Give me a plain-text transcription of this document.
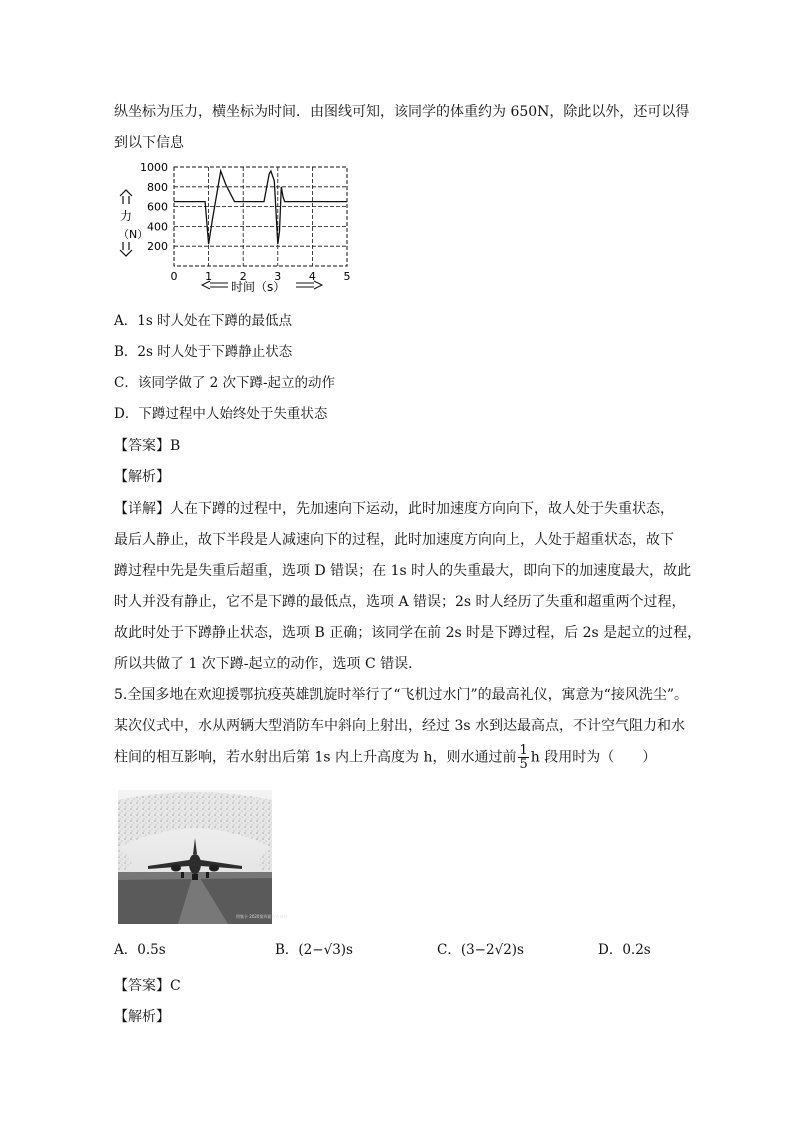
纵坐标为压力，横坐标为时间．由图线可知，该同学的体重约为 650N，除此以外，还可以得
到以下信息
1000
800
600
400
200
0	1	2	3	4	5
力
（N）
时间（s）
A．1s 时人处在下蹲的最低点
B．2s 时人处于下蹲静止状态
C．该同学做了 2 次下蹲-起立的动作
D．下蹲过程中人始终处于失重状态
【答案】B
【解析】
【详解】人在下蹲的过程中，先加速向下运动，此时加速度方向向下，故人处于失重状态，
最后人静止，故下半段是人减速向下的过程，此时加速度方向向上，人处于超重状态，故下
蹲过程中先是失重后超重，选项 D 错误；在 1s 时人的失重最大，即向下的加速度最大，故此
时人并没有静止，它不是下蹲的最低点，选项 A 错误；2s 时人经历了失重和超重两个过程，
故此时处于下蹲静止状态，选项 B 正确；该同学在前 2s 时是下蹲过程，后 2s 是起立的过程，
所以共做了 1 次下蹲-起立的动作，选项 C 错误．
5.全国多地在欢迎援鄂抗疫英雄凯旋时举行了“飞机过水门”的最高礼仪，寓意为“接风洗尘”。
某次仪式中，水从两辆大型消防车中斜向上射出，经过 3s 水到达最高点，不计空气阻力和水
柱间的相互影响，若水射出后第 1s 内上升高度为 h，则水通过前 $\frac{1}{5}$ h 段用时为（　　）
图集卡 2020第四届官方网站
A．0.5s	B．(2−√3)s	C．(3−2√2)s	D．0.2s
【答案】C
【解析】
